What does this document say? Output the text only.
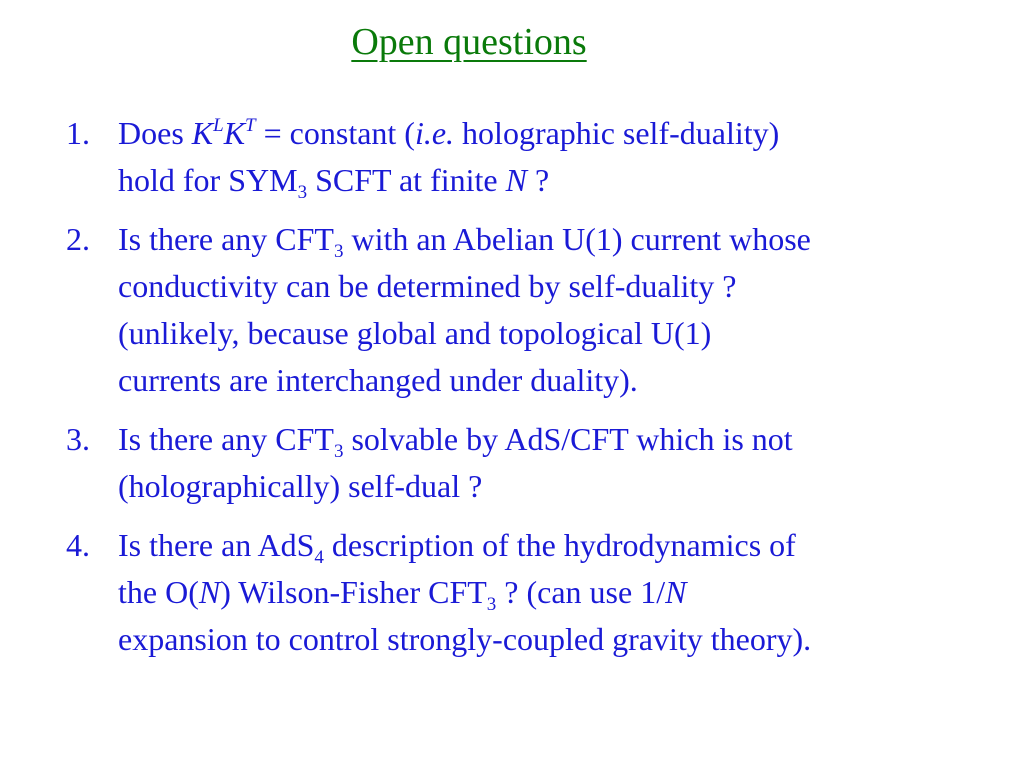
Open questions
1. Does $K^LK^T$ = constant (i.e. holographic self-duality)
hold for $SYM_3$ SCFT at finite N ?
2. Is there any $CFT_3$ with an Abelian U(1) current whose
conductivity can be determined by self-duality ?
(unlikely, because global and topological U(1)
currents are interchanged under duality).
3. Is there any $CFT_3$ solvable by AdS/CFT which is not
(holographically) self-dual ?
4. Is there an AdS$_4$ description of the hydrodynamics of
the O(N) Wilson-Fisher $CFT_3$ ? (can use 1/N
expansion to control strongly-coupled gravity theory).
